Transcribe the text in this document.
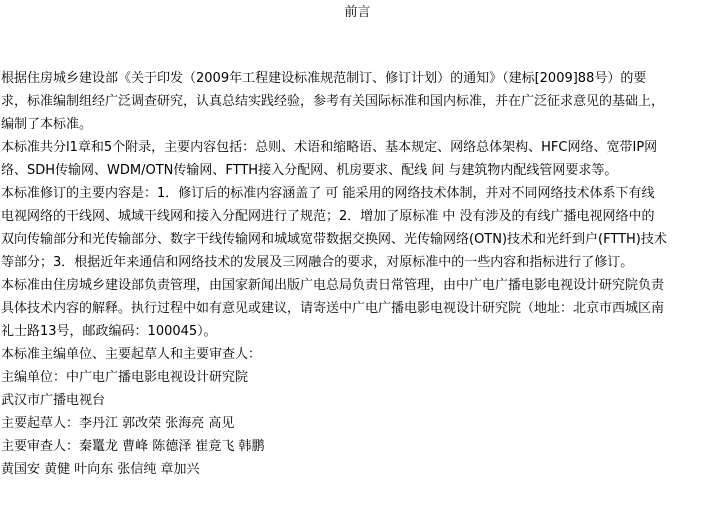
前言
根据住房城乡建设部《关于印发（2009年工程建设标准规范制订、修订计划）的通知》（建标[2009]88号）的要
求，标准编制组经广泛调查研究，认真总结实践经验，参考有关国际标准和国内标准，并在广泛征求意见的基础上，
编制了本标准。
本标准共分l1章和5个附录，主要内容包括：总则、术语和缩略语、基本规定、网络总体架构、HFC网络、宽带IP网
络、SDH传输网、WDM/OTN传输网、FTTH接入分配网、机房要求、配线 间 与建筑物内配线管网要求等。
本标准修订的主要内容是：1．修订后的标准内容涵盖了 可 能采用的网络技术体制，并对不同网络技术体系下有线
电视网络的干线网、城域干线网和接入分配网进行了规范；2．增加了原标准 中 没有涉及的有线广播电视网络中的
双向传输部分和光传输部分、数字干线传输网和城域宽带数据交换网、光传输网络(OTN)技术和光纤到户(FTTH)技术
等部分；3．根据近年来通信和网络技术的发展及三网融合的要求，对原标准中的一些内容和指标进行了修订。
本标准由住房城乡建设部负责管理，由国家新闻出版广电总局负责日常管理，由中广电广播电影电视设计研究院负责
具体技术内容的解释。执行过程中如有意见或建议，请寄送中广电广播电影电视设计研究院（地址：北京市西城区南
礼士路13号，邮政编码：100045）。
本标准主编单位、主要起草人和主要审查人：
主编单位：中广电广播电影电视设计研究院
武汉市广播电视台
主要起草人：李丹江 郭改荣 张海亮 高见
主要审查人：秦鼍龙 曹峰 陈德泽 崔竟飞 韩鹏
黄国安 黄健 叶向东 张信纯 章加兴
